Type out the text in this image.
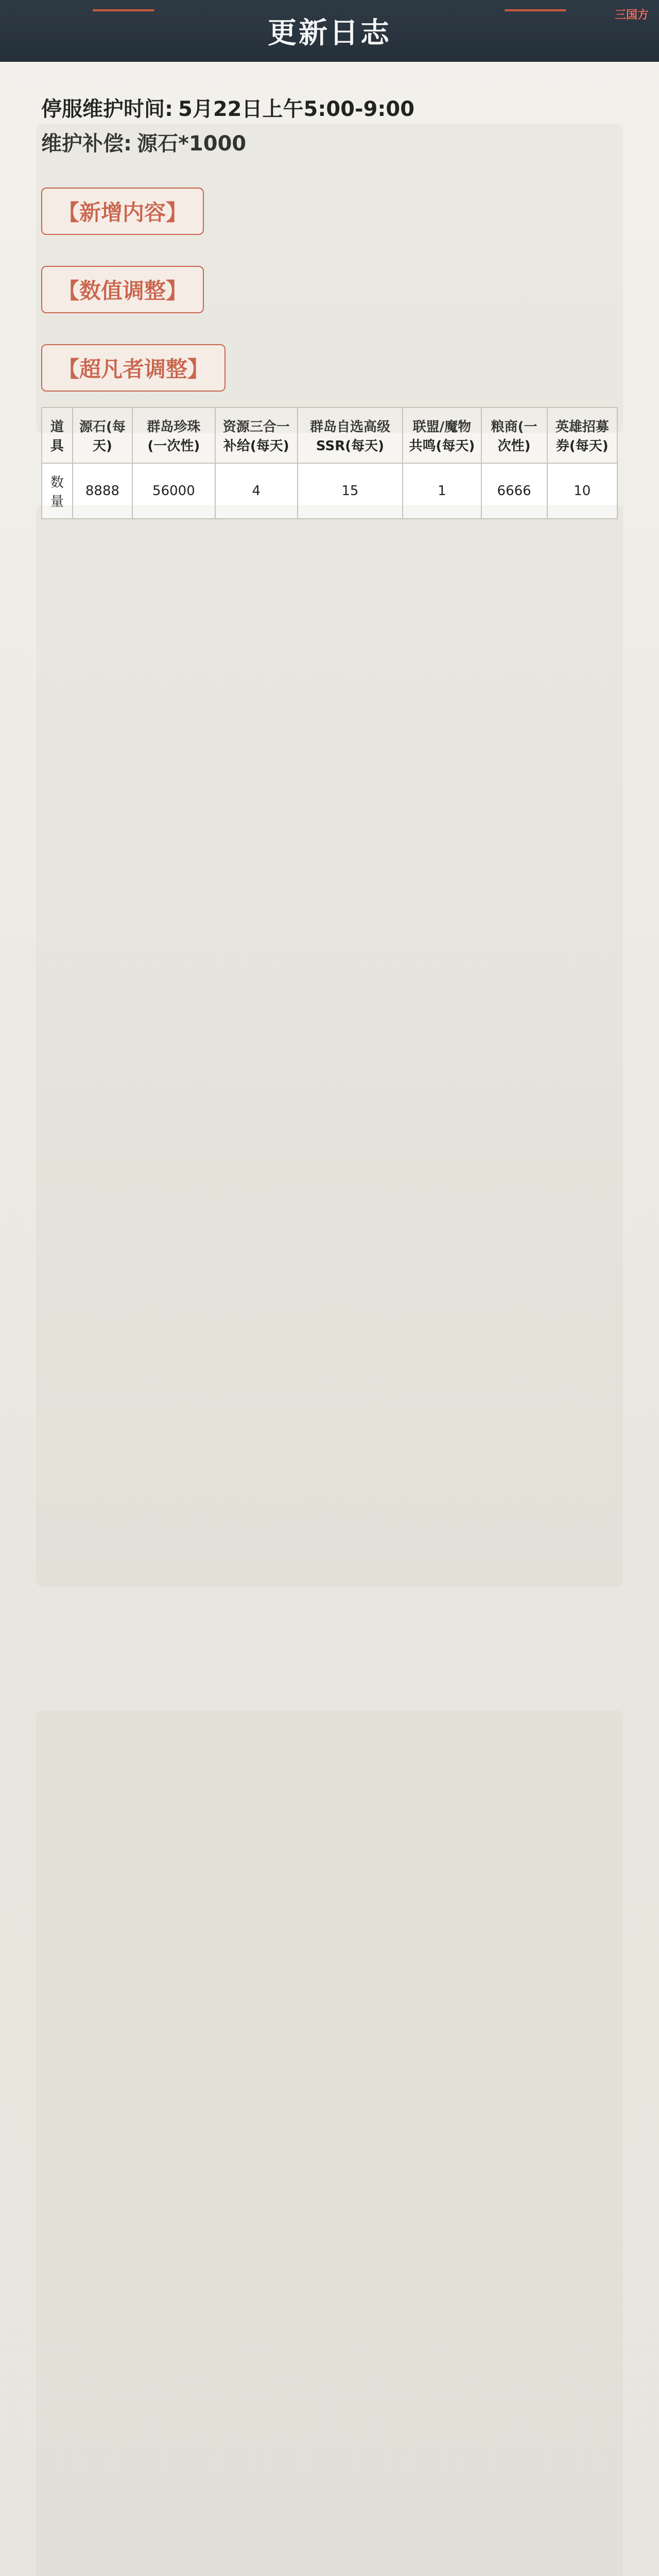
更新日志
三国方
停服维护时间: 5月22日上午5:00-9:00
维护补偿: 源石*1000
【新增内容】
【数值调整】
【超凡者调整】
道具	源石(每天)	群岛珍珠(一次性)	资源三合一补给(每天)	群岛自选高级SSR(每天)	联盟/魔物共鸣(每天)	粮商(一次性)	英雄招募券(每天)
数量	8888	56000	4	15	1	6666	10
